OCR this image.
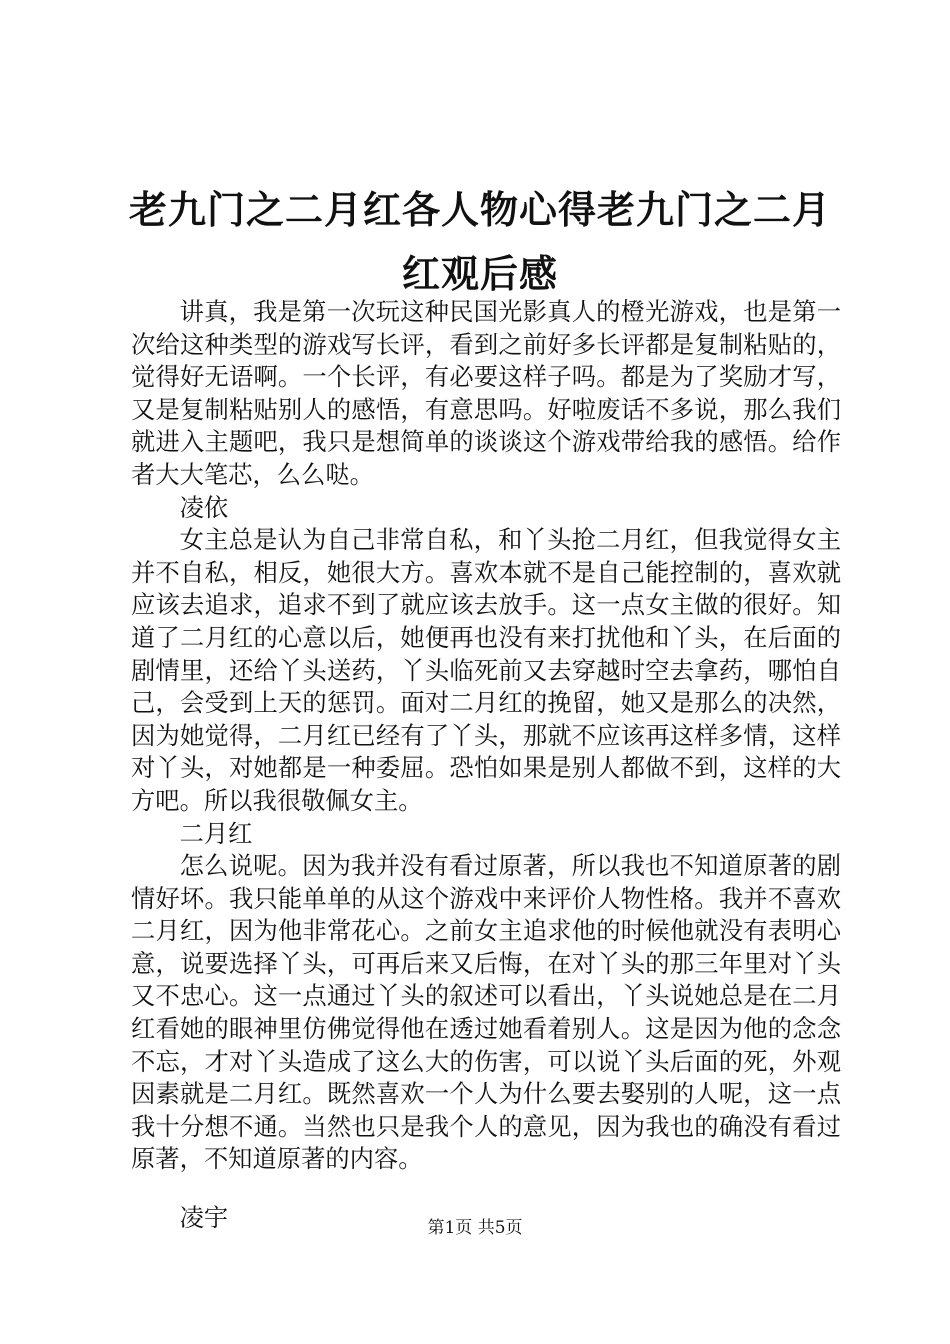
老九门之二月红各人物心得老九门之二月红观后感

讲真，我是第一次玩这种民国光影真人的橙光游戏，也是第一次给这种类型的游戏写长评，看到之前好多长评都是复制粘贴的，觉得好无语啊。一个长评，有必要这样子吗。都是为了奖励才写，又是复制粘贴别人的感悟，有意思吗。好啦废话不多说，那么我们就进入主题吧，我只是想简单的谈谈这个游戏带给我的感悟。给作者大大笔芯，么么哒。

凌依

女主总是认为自己非常自私，和丫头抢二月红，但我觉得女主并不自私，相反，她很大方。喜欢本就不是自己能控制的，喜欢就应该去追求，追求不到了就应该去放手。这一点女主做的很好。知道了二月红的心意以后，她便再也没有来打扰他和丫头，在后面的剧情里，还给丫头送药，丫头临死前又去穿越时空去拿药，哪怕自己，会受到上天的惩罚。面对二月红的挽留，她又是那么的决然，因为她觉得，二月红已经有了丫头，那就不应该再这样多情，这样对丫头，对她都是一种委屈。恐怕如果是别人都做不到，这样的大方吧。所以我很敬佩女主。

二月红

怎么说呢。因为我并没有看过原著，所以我也不知道原著的剧情好坏。我只能单单的从这个游戏中来评价人物性格。我并不喜欢二月红，因为他非常花心。之前女主追求他的时候他就没有表明心意，说要选择丫头，可再后来又后悔，在对丫头的那三年里对丫头又不忠心。这一点通过丫头的叙述可以看出，丫头说她总是在二月红看她的眼神里仿佛觉得他在透过她看着别人。这是因为他的念念不忘，才对丫头造成了这么大的伤害，可以说丫头后面的死，外观因素就是二月红。既然喜欢一个人为什么要去娶别的人呢，这一点我十分想不通。当然也只是我个人的意见，因为我也的确没有看过原著，不知道原著的内容。

凌宇	第1页 共5页
